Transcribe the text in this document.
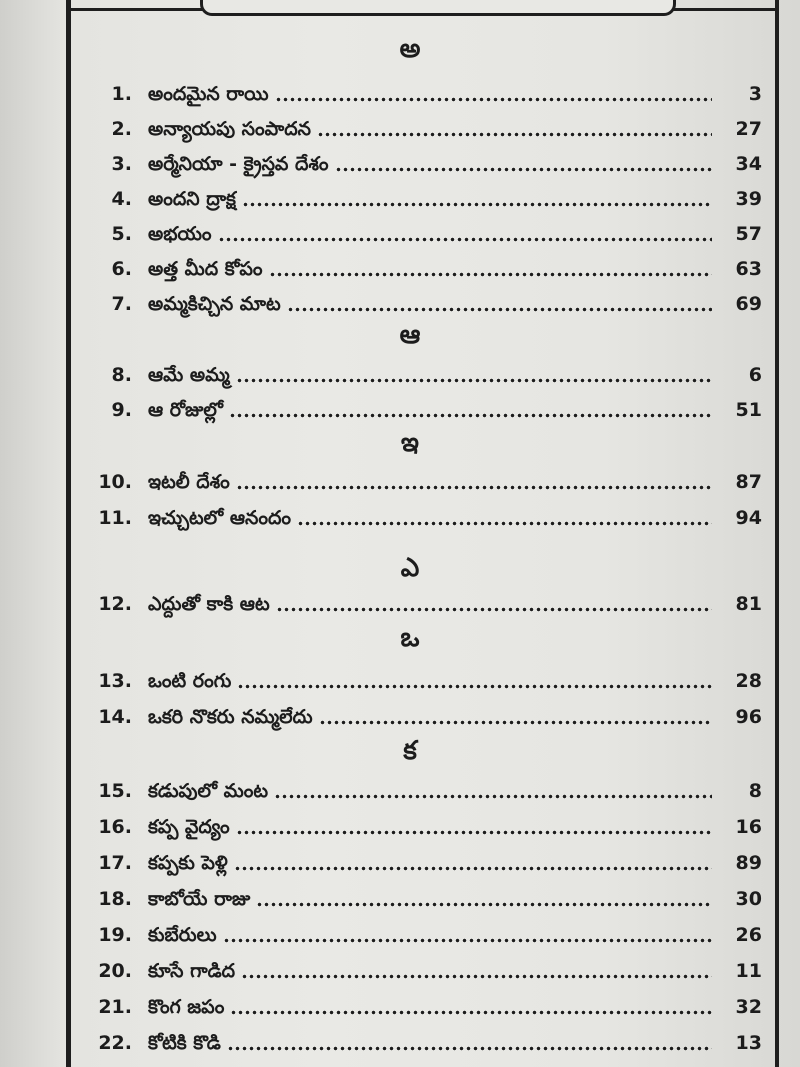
అ
1. అందమైన రాయి	3
2. అన్యాయపు సంపాదన	27
3. అర్మేనియా - క్రైస్తవ దేశం	34
4. అందని ద్రాక్ష	39
5. అభయం	57
6. అత్త మీద కోపం	63
7. అమ్మకిచ్చిన మాట	69
ఆ
8. ఆమే అమ్మ	6
9. ఆ రోజుల్లో	51
ఇ
10. ఇటలీ దేశం	87
11. ఇచ్చుటలో ఆనందం	94
ఎ
12. ఎద్దుతో కాకి ఆట	81
ఒ
13. ఒంటి రంగు	28
14. ఒకరి నొకరు నమ్మలేదు	96
క
15. కడుపులో మంట	8
16. కప్ప వైద్యం	16
17. కప్పకు పెళ్లి	89
18. కాబోయే రాజు	30
19. కుబేరులు	26
20. కూసే గాడిద	11
21. కొంగ జపం	32
22. కోటికి కొడి	13
